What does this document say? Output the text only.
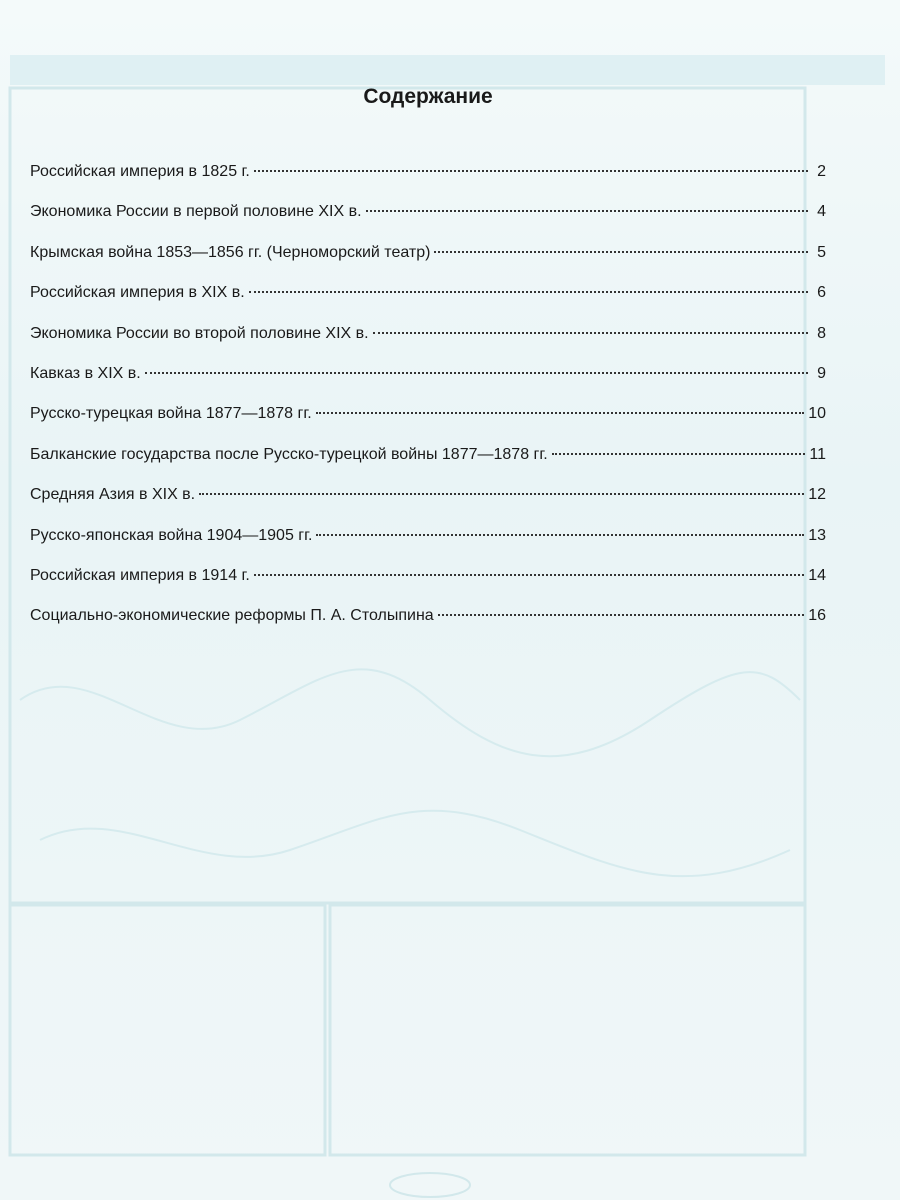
Содержание
Российская империя в 1825 г.	2
Экономика России в первой половине XIX в.	4
Крымская война 1853—1856 гг. (Черноморский театр)	5
Российская империя в XIX в.	6
Экономика России во второй половине XIX в.	8
Кавказ в XIX в.	9
Русско-турецкая война 1877—1878 гг.	10
Балканские государства после Русско-турецкой войны 1877—1878 гг.	11
Средняя Азия в XIX в.	12
Русско-японская война 1904—1905 гг.	13
Российская империя в 1914 г.	14
Социально-экономические реформы П. А. Столыпина	16
